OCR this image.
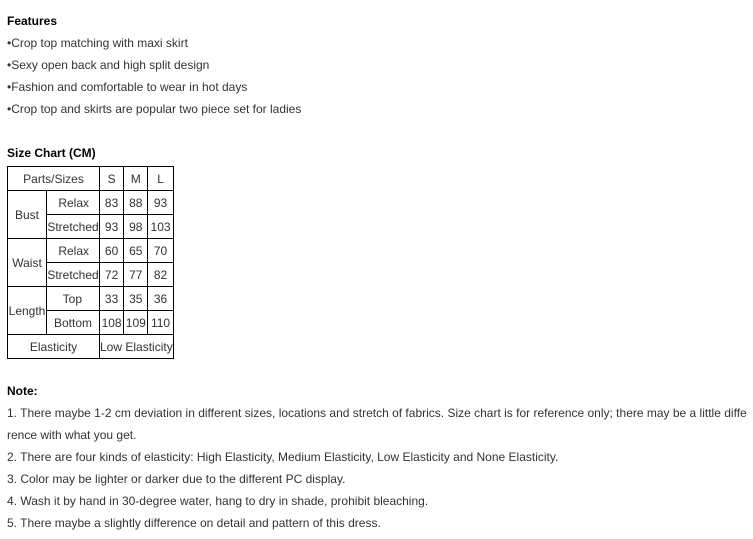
Features
• Crop top matching with maxi skirt
• Sexy open back and high split design
• Fashion and comfortable to wear in hot days
• Crop top and skirts are popular two piece set for ladies
Size Chart (CM)
Parts/Sizes		S	M	L
Bust	Relax	83	88	93
	Stretched	93	98	103
Waist	Relax	60	65	70
	Stretched	72	77	82
Length	Top	33	35	36
	Bottom	108	109	110
Elasticity		Low Elasticity		
Note:
1. There maybe 1-2 cm deviation in different sizes, locations and stretch of fabrics. Size chart is for reference only; there may be a little diffe
rence with what you get.
2. There are four kinds of elasticity: High Elasticity, Medium Elasticity, Low Elasticity and None Elasticity.
3. Color may be lighter or darker due to the different PC display.
4. Wash it by hand in 30-degree water, hang to dry in shade, prohibit bleaching.
5. There maybe a slightly difference on detail and pattern of this dress.
